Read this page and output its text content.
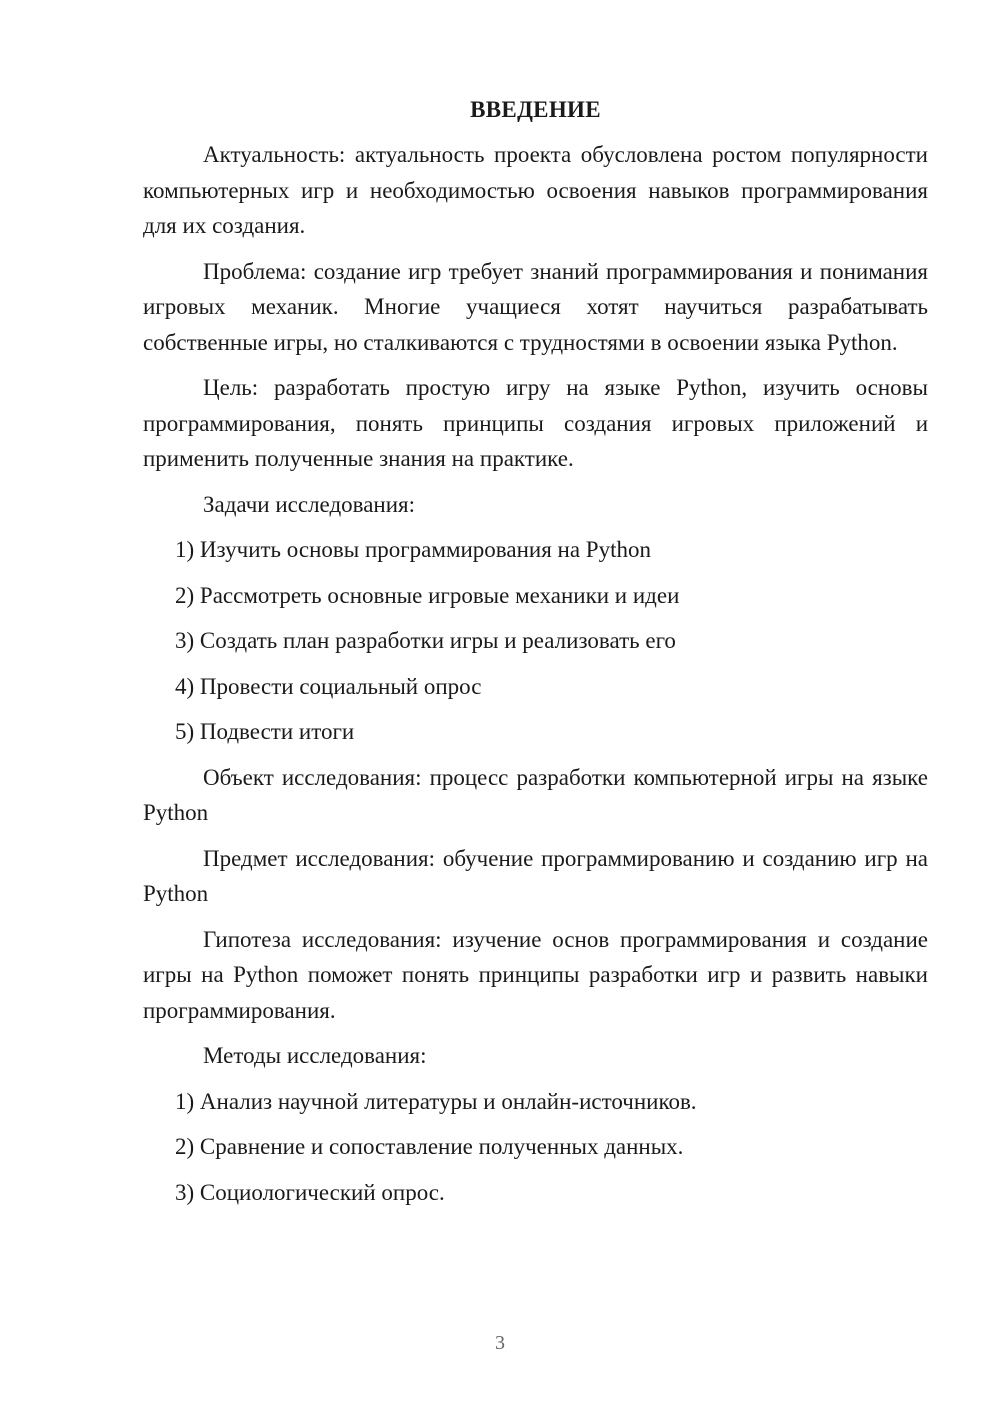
ВВЕДЕНИЕ

Актуальность: актуальность проекта обусловлена ростом популярности компьютерных игр и необходимостью освоения навыков программирования для их создания.

Проблема: создание игр требует знаний программирования и понимания игровых механик. Многие учащиеся хотят научиться разрабатывать собственные игры, но сталкиваются с трудностями в освоении языка Python.

Цель: разработать простую игру на языке Python, изучить основы программирования, понять принципы создания игровых приложений и применить полученные знания на практике.

Задачи исследования:

1) Изучить основы программирования на Python
2) Рассмотреть основные игровые механики и идеи
3) Создать план разработки игры и реализовать его
4) Провести социальный опрос
5) Подвести итоги

Объект исследования: процесс разработки компьютерной игры на языке Python

Предмет исследования: обучение программированию и созданию игр на Python

Гипотеза исследования: изучение основ программирования и создание игры на Python поможет понять принципы разработки игр и развить навыки программирования.

Методы исследования:

1) Анализ научной литературы и онлайн-источников.
2) Сравнение и сопоставление полученных данных.
3) Социологический опрос.
3
